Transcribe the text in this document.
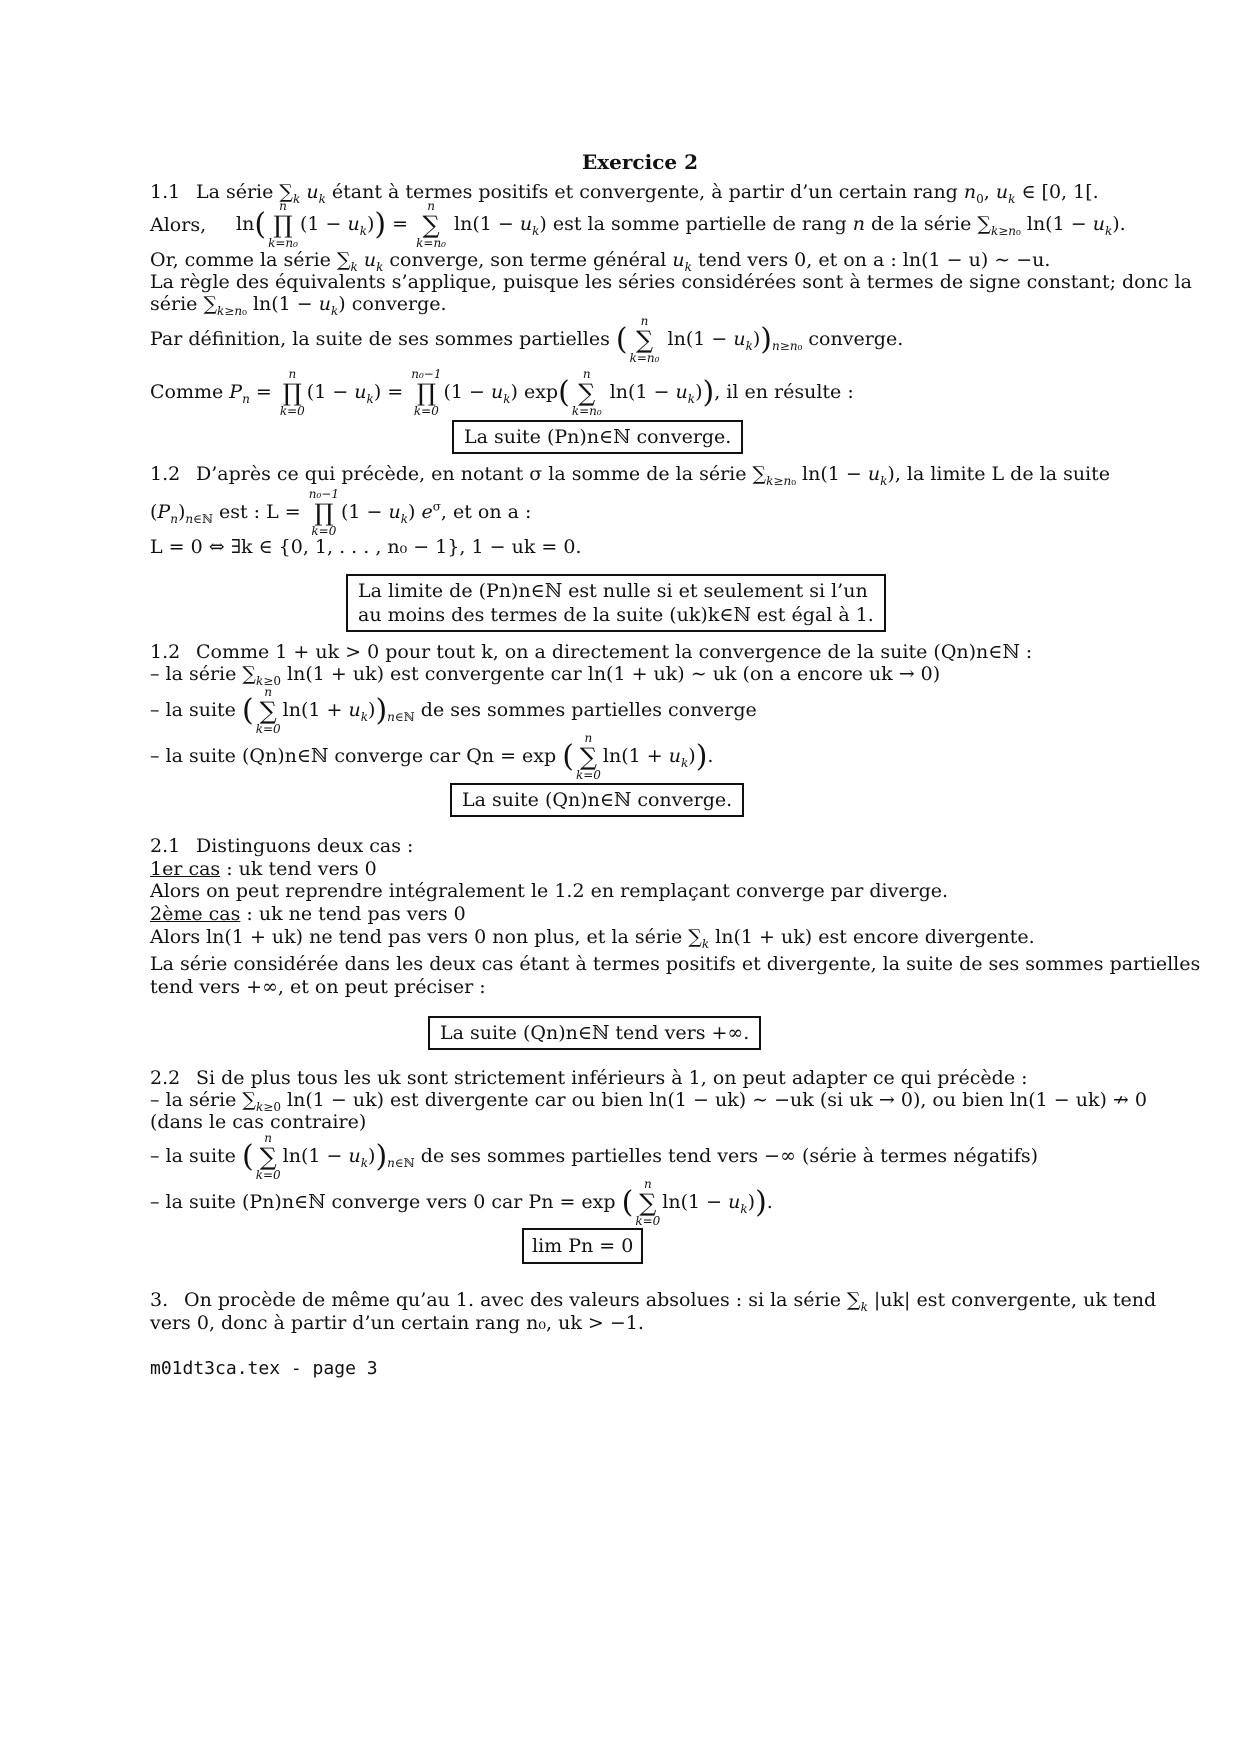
Exercice 2
1.1 La série $\sum_k$ $u_k$ étant à termes positifs et convergente, à partir d’un certain rang $n_0$, $u_k$ ∈ [0, 1[.
Alors, ln(
n
∏
k=n₀
$(1 - u_k)$) =
n
∑
k=n₀
$\ln(1 - u_k)$ est la somme partielle de rang n de la série $\sum_{k\ge n_0}$ $\ln(1 - u_k)$.
Or, comme la série $\sum_k$ $u_k$ converge, son terme général $u_k$ tend vers 0, et on a : ln(1 − u) ∼ −u.
La règle des équivalents s’applique, puisque les séries considérées sont à termes de signe constant; donc la
série $\sum_{k\ge n_0}$ $\ln(1 - u_k)$ converge.
Par définition, la suite de ses sommes partielles (
n
∑
k=n₀
$\ln(1 - u_k))_{n\ge n_0}$ converge.
Comme $P_n$ =
n
∏
k=0
$(1 - u_k)$ =
n₀−1
∏
k=0
$(1 - u_k)$ exp(
n
∑
k=n₀
$\ln(1 - u_k)$), il en résulte :
La suite (Pn)n∈ℕ converge.
1.2 D’après ce qui précède, en notant σ la somme de la série $\sum_{k\ge n_0}$ $\ln(1 - u_k)$, la limite L de la suite
$(P_n)_{n\in ℕ}$ est : L =
n₀−1
∏
k=0
$(1 - u_k)$ $e^\sigma$, et on a :
L = 0 ⇔ ∃k ∈ {0, 1, . . . , n₀ − 1}, 1 − uk = 0.
La limite de (Pn)n∈ℕ est nulle si et seulement si l’un
au moins des termes de la suite (uk)k∈ℕ est égal à 1.
1.2 Comme 1 + uk > 0 pour tout k, on a directement la convergence de la suite (Qn)n∈ℕ :
– la série $\sum_{k\ge 0}$ ln(1 + uk) est convergente car ln(1 + uk) ∼ uk (on a encore uk → 0)
– la suite (
n
∑
k=0
$\ln(1 + u_k))_{n\in ℕ}$ de ses sommes partielles converge
– la suite (Qn)n∈ℕ converge car Qn = exp (
n
∑
k=0
$\ln(1 + u_k)$).
La suite (Qn)n∈ℕ converge.
2.1 Distinguons deux cas :
1er cas : uk tend vers 0
Alors on peut reprendre intégralement le 1.2 en remplaçant converge par diverge.
2ème cas : uk ne tend pas vers 0
Alors ln(1 + uk) ne tend pas vers 0 non plus, et la série $\sum_k$ ln(1 + uk) est encore divergente.
La série considérée dans les deux cas étant à termes positifs et divergente, la suite de ses sommes partielles
tend vers +∞, et on peut préciser :
La suite (Qn)n∈ℕ tend vers +∞.
2.2 Si de plus tous les uk sont strictement inférieurs à 1, on peut adapter ce qui précède :
– la série $\sum_{k\ge 0}$ ln(1 − uk) est divergente car ou bien ln(1 − uk) ∼ −uk (si uk → 0), ou bien ln(1 − uk) ↛ 0
(dans le cas contraire)
– la suite (
n
∑
k=0
$\ln(1 - u_k))_{n\in ℕ}$ de ses sommes partielles tend vers −∞ (série à termes négatifs)
– la suite (Pn)n∈ℕ converge vers 0 car Pn = exp (
n
∑
k=0
$\ln(1 - u_k)$).
lim Pn = 0
3. On procède de même qu’au 1. avec des valeurs absolues : si la série $\sum_k$ |uk| est convergente, uk tend
vers 0, donc à partir d’un certain rang n₀, uk > −1.
m01dt3ca.tex - page 3
